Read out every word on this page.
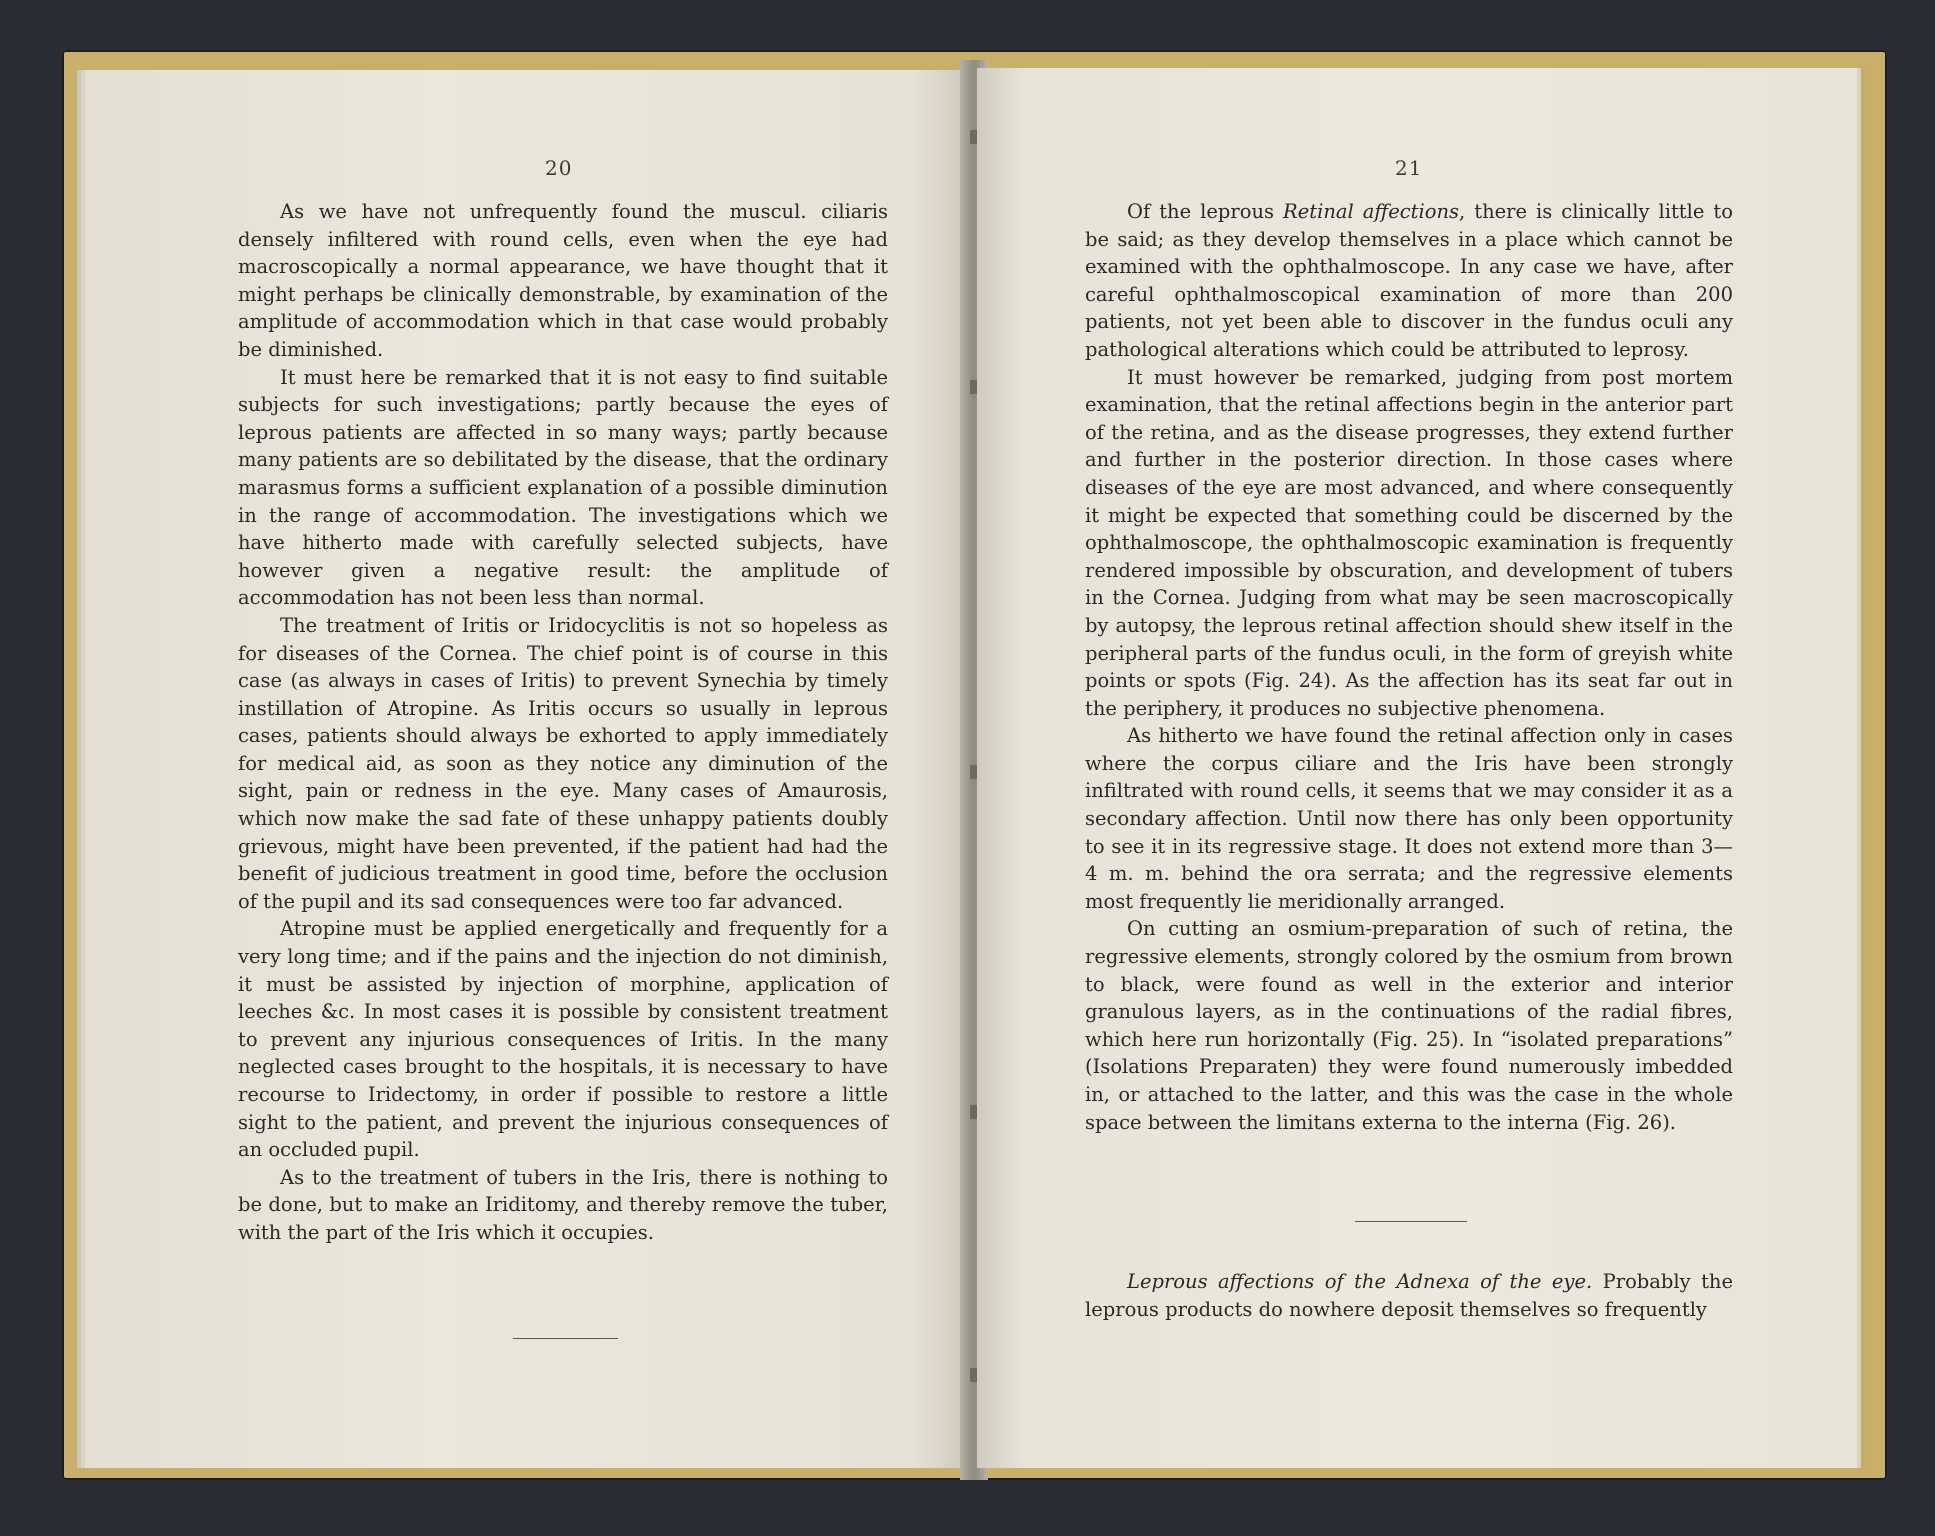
20

As we have not unfrequently found the muscul. ciliaris densely infiltered with round cells, even when the eye had macroscopically a normal appearance, we have thought that it might perhaps be clinically demonstrable, by examination of the amplitude of accommodation which in that case would probably be diminished.

It must here be remarked that it is not easy to find suitable subjects for such investigations; partly because the eyes of leprous patients are affected in so many ways; partly because many patients are so debilitated by the disease, that the ordinary marasmus forms a sufficient explanation of a possible diminution in the range of accommodation. The investigations which we have hitherto made with carefully selected subjects, have however given a negative result: the amplitude of accommodation has not been less than normal.

The treatment of Iritis or Iridocyclitis is not so hopeless as for diseases of the Cornea. The chief point is of course in this case (as always in cases of Iritis) to prevent Synechia by timely instillation of Atropine. As Iritis occurs so usually in leprous cases, patients should always be exhorted to apply immediately for medical aid, as soon as they notice any diminution of the sight, pain or redness in the eye. Many cases of Amaurosis, which now make the sad fate of these unhappy patients doubly grievous, might have been prevented, if the patient had had the benefit of judicious treatment in good time, before the occlusion of the pupil and its sad consequences were too far advanced.

Atropine must be applied energetically and frequently for a very long time; and if the pains and the injection do not diminish, it must be assisted by injection of morphine, application of leeches &c. In most cases it is possible by consistent treatment to prevent any injurious consequences of Iritis. In the many neglected cases brought to the hospitals, it is necessary to have recourse to Iridectomy, in order if possible to restore a little sight to the patient, and prevent the injurious consequences of an occluded pupil.

As to the treatment of tubers in the Iris, there is nothing to be done, but to make an Iriditomy, and thereby remove the tuber, with the part of the Iris which it occupies.

21

Of the leprous Retinal affections, there is clinically little to be said; as they develop themselves in a place which cannot be examined with the ophthalmoscope. In any case we have, after careful ophthalmoscopical examination of more than 200 patients, not yet been able to discover in the fundus oculi any pathological alterations which could be attributed to leprosy.

It must however be remarked, judging from post mortem examination, that the retinal affections begin in the anterior part of the retina, and as the disease progresses, they extend further and further in the posterior direction. In those cases where diseases of the eye are most advanced, and where consequently it might be expected that something could be discerned by the ophthalmoscope, the ophthalmoscopic examination is frequently rendered impossible by obscuration, and development of tubers in the Cornea. Judging from what may be seen macroscopically by autopsy, the leprous retinal affection should shew itself in the peripheral parts of the fundus oculi, in the form of greyish white points or spots (Fig. 24). As the affection has its seat far out in the periphery, it produces no subjective phenomena.

As hitherto we have found the retinal affection only in cases where the corpus ciliare and the Iris have been strongly infiltrated with round cells, it seems that we may consider it as a secondary affection. Until now there has only been opportunity to see it in its regressive stage. It does not extend more than 3—4 m. m. behind the ora serrata; and the regressive elements most frequently lie meridionally arranged.

On cutting an osmium-preparation of such of retina, the regressive elements, strongly colored by the osmium from brown to black, were found as well in the exterior and interior granulous layers, as in the continuations of the radial fibres, which here run horizontally (Fig. 25). In “isolated preparations” (Isolations Preparaten) they were found numerously imbedded in, or attached to the latter, and this was the case in the whole space between the limitans externa to the interna (Fig. 26).

Leprous affections of the Adnexa of the eye. Probably the leprous products do nowhere deposit themselves so frequently
